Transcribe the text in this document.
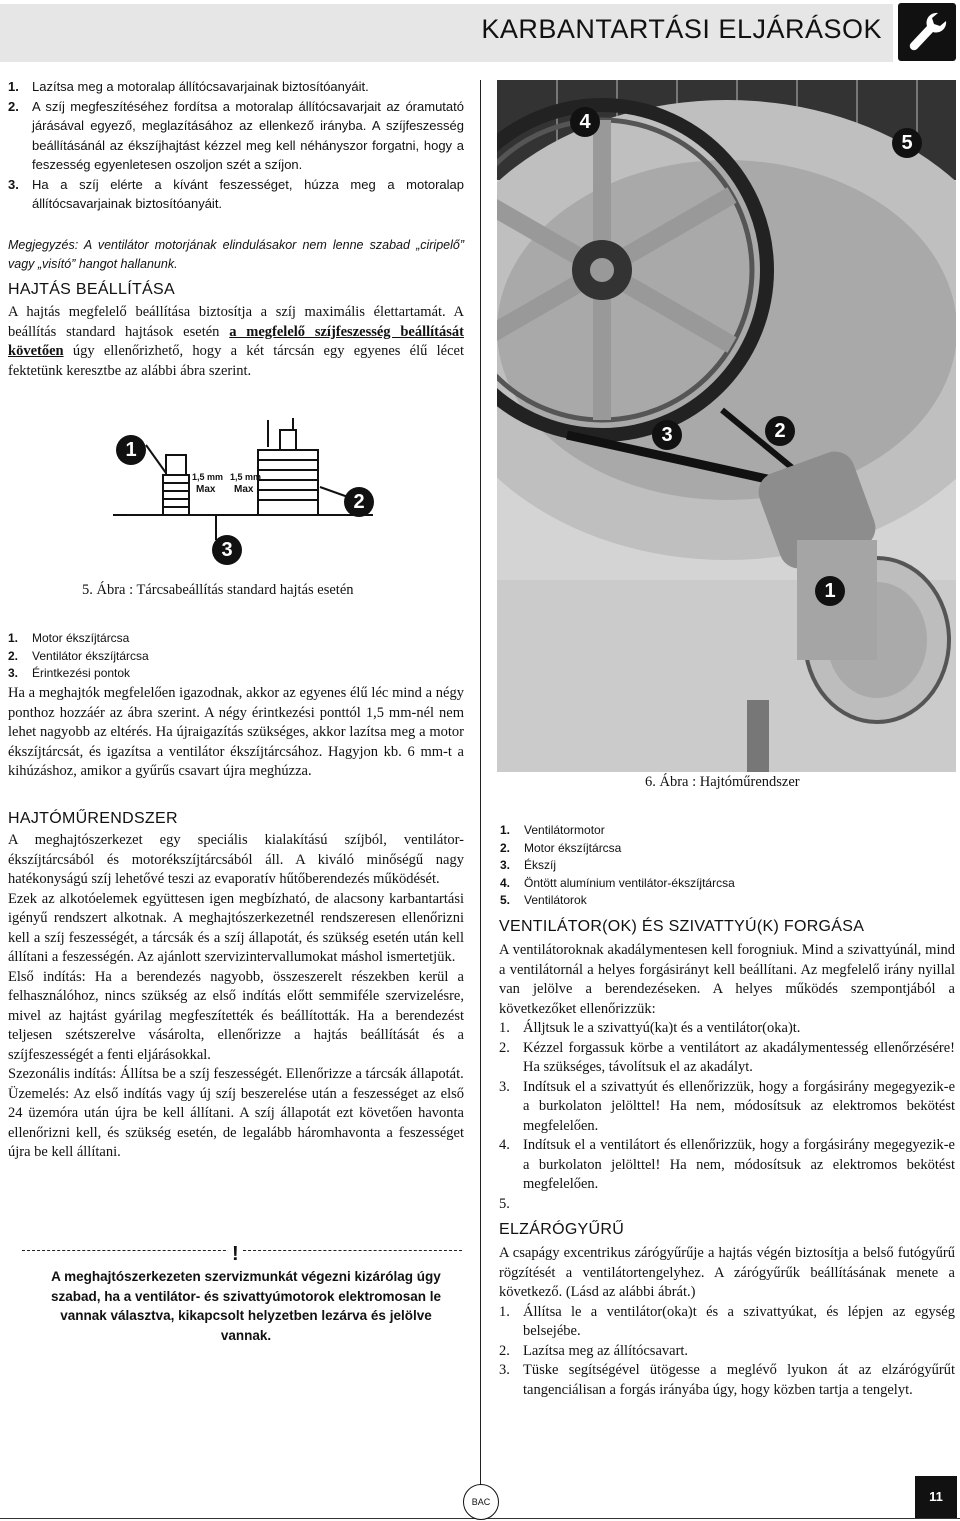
KARBANTARTÁSI ELJÁRÁSOK
1. Lazítsa meg a motoralap állítócsavarjainak biztosítóanyáit.
2. A szíj megfeszítéséhez fordítsa a motoralap állítócsavarjait az óramutató járásával egyező, meglazításához az ellenkező irányba. A szíjfeszesség beállításánál az ékszíjhajtást kézzel meg kell néhányszor forgatni, hogy a feszesség egyenletesen oszoljon szét a szíjon.
3. Ha a szíj elérte a kívánt feszességet, húzza meg a motoralap állítócsavarjainak biztosítóanyáit.
Megjegyzés: A ventilátor motorjának elindulásakor nem lenne szabad „ciripelő” vagy „visító” hangot hallanunk.
HAJTÁS BEÁLLÍTÁSA
A hajtás megfelelő beállítása biztosítja a szíj maximális élettartamát. A beállítás standard hajtások esetén a megfelelő szíjfeszesség beállítását követően úgy ellenőrizhető, hogy a két tárcsán egy egyenes élű lécet fektetünk keresztbe az alábbi ábra szerint.
1,5 mm
Max
1,5 mm
Max
1
2
3
5. Ábra : Tárcsabeállítás standard hajtás esetén
1. Motor ékszíjtárcsa
2. Ventilátor ékszíjtárcsa
3. Érintkezési pontok
Ha a meghajtók megfelelően igazodnak, akkor az egyenes élű léc mind a négy ponthoz hozzáér az ábra szerint. A négy érintkezési ponttól 1,5 mm-nél nem lehet nagyobb az eltérés. Ha újraigazítás szükséges, akkor lazítsa meg a motor ékszíjtárcsát, és igazítsa a ventilátor ékszíjtárcsához. Hagyjon kb. 6 mm-t a kihúzáshoz, amikor a gyűrűs csavart újra meghúzza.
HAJTÓMŰRENDSZER
A meghajtószerkezet egy speciális kialakítású szíjból, ventilátor-ékszíjtárcsából és motorékszíjtárcsából áll. A kiváló minőségű nagy hatékonyságú szíj lehetővé teszi az evaporatív hűtőberendezés működését.
Ezek az alkotóelemek együttesen igen megbízható, de alacsony karbantartási igényű rendszert alkotnak. A meghajtószerkezetnél rendszeresen ellenőrizni kell a szíj feszességét, a tárcsák és a szíj állapotát, és szükség esetén után kell állítani a feszességén. Az ajánlott szervizintervallumokat máshol ismertetjük.
Első indítás: Ha a berendezés nagyobb, összeszerelt részekben kerül a felhasználóhoz, nincs szükség az első indítás előtt semmiféle szervizelésre, mivel az hajtást gyárilag megfeszítették és beállították. Ha a berendezést teljesen szétszerelve vásárolta, ellenőrizze a hajtás beállítását és a szíjfeszességét a fenti eljárásokkal.
Szezonális indítás: Állítsa be a szíj feszességét. Ellenőrizze a tárcsák állapotát.
Üzemelés: Az első indítás vagy új szíj beszerelése után a feszességet az első 24 üzemóra után újra be kell állítani. A szíj állapotát ezt követően havonta ellenőrizni kell, és szükség esetén, de legalább háromhavonta a feszességet újra be kell állítani.
!
A meghajtószerkezeten szervizmunkát végezni kizárólag úgy szabad, ha a ventilátor- és szivattyúmotorok elektromosan le vannak választva, kikapcsolt helyzetben lezárva és jelölve vannak.
4
5
3	2
1
6. Ábra : Hajtóműrendszer
1. Ventilátormotor
2. Motor ékszíjtárcsa
3. Ékszíj
4. Öntött alumínium ventilátor-ékszíjtárcsa
5. Ventilátorok
VENTILÁTOR(OK) ÉS SZIVATTYÚ(K) FORGÁSA
A ventilátoroknak akadálymentesen kell forogniuk. Mind a szivattyúnál, mind a ventilátornál a helyes forgásirányt kell beállítani. Az megfelelő irány nyillal van jelölve a berendezéseken. A helyes működés szempontjából a következőket ellenőrizzük:
1. Álljtsuk le a szivattyú(ka)t és a ventilátor(oka)t.
2. Kézzel forgassuk körbe a ventilátort az akadálymentesség ellenőrzésére! Ha szükséges, távolítsuk el az akadályt.
3. Indítsuk el a szivattyút és ellenőrizzük, hogy a forgásirány megegyezik-e a burkolaton jelölttel! Ha nem, módosítsuk az elektromos bekötést megfelelően.
4. Indítsuk el a ventilátort és ellenőrizzük, hogy a forgásirány megegyezik-e a burkolaton jelölttel! Ha nem, módosítsuk az elektromos bekötést megfelelően.
5.
ELZÁRÓGYŰRŰ
A csapágy excentrikus zárógyűrűje a hajtás végén biztosítja a belső futógyűrű rögzítését a ventilátortengelyhez. A zárógyűrűk beállításának menete a következő. (Lásd az alábbi ábrát.)
1. Állítsa le a ventilátor(oka)t és a szivattyúkat, és lépjen az egység belsejébe.
2. Lazítsa meg az állítócsavart.
3. Tüske segítségével ütögesse a meglévő lyukon át az elzárógyűrűt tangenciálisan a forgás irányába úgy, hogy közben tartja a tengelyt.
BAC	11
